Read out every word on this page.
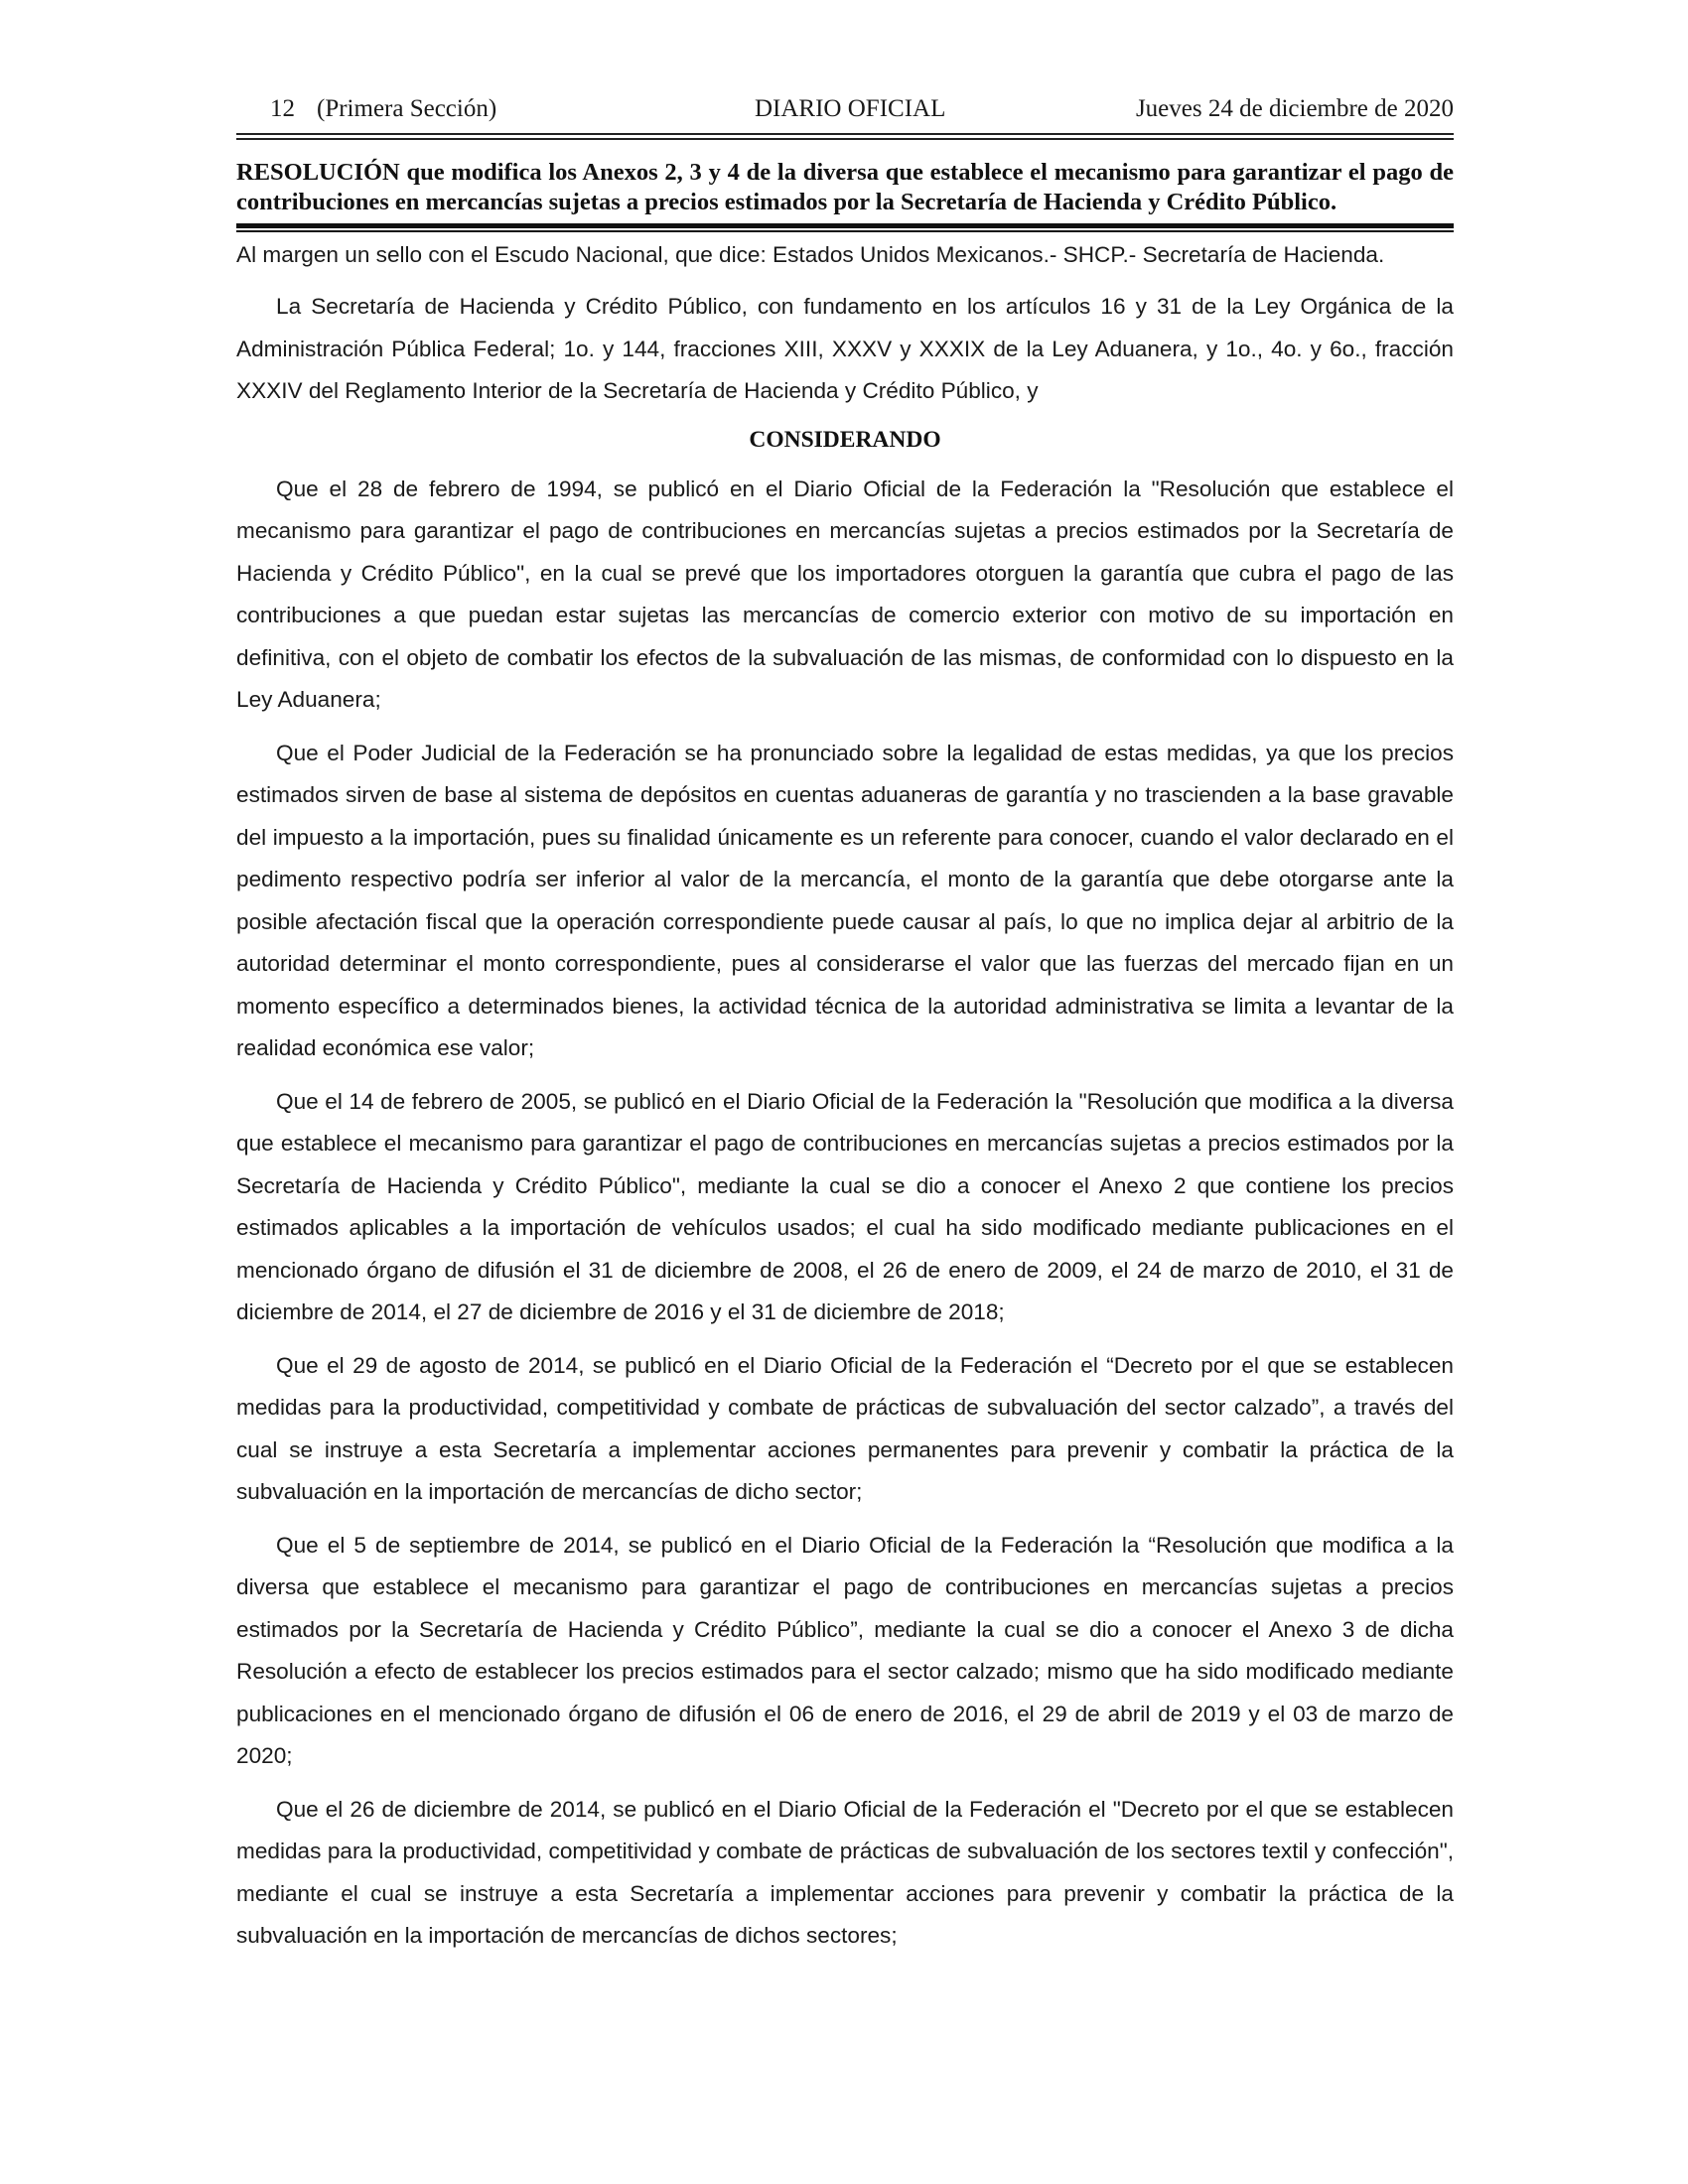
12 (Primera Sección)	DIARIO OFICIAL	Jueves 24 de diciembre de 2020
RESOLUCIÓN que modifica los Anexos 2, 3 y 4 de la diversa que establece el mecanismo para garantizar el pago de contribuciones en mercancías sujetas a precios estimados por la Secretaría de Hacienda y Crédito Público.
Al margen un sello con el Escudo Nacional, que dice: Estados Unidos Mexicanos.- SHCP.- Secretaría de Hacienda.

La Secretaría de Hacienda y Crédito Público, con fundamento en los artículos 16 y 31 de la Ley Orgánica de la Administración Pública Federal; 1o. y 144, fracciones XIII, XXXV y XXXIX de la Ley Aduanera, y 1o., 4o. y 6o., fracción XXXIV del Reglamento Interior de la Secretaría de Hacienda y Crédito Público, y

CONSIDERANDO

Que el 28 de febrero de 1994, se publicó en el Diario Oficial de la Federación la "Resolución que establece el mecanismo para garantizar el pago de contribuciones en mercancías sujetas a precios estimados por la Secretaría de Hacienda y Crédito Público", en la cual se prevé que los importadores otorguen la garantía que cubra el pago de las contribuciones a que puedan estar sujetas las mercancías de comercio exterior con motivo de su importación en definitiva, con el objeto de combatir los efectos de la subvaluación de las mismas, de conformidad con lo dispuesto en la Ley Aduanera;

Que el Poder Judicial de la Federación se ha pronunciado sobre la legalidad de estas medidas, ya que los precios estimados sirven de base al sistema de depósitos en cuentas aduaneras de garantía y no trascienden a la base gravable del impuesto a la importación, pues su finalidad únicamente es un referente para conocer, cuando el valor declarado en el pedimento respectivo podría ser inferior al valor de la mercancía, el monto de la garantía que debe otorgarse ante la posible afectación fiscal que la operación correspondiente puede causar al país, lo que no implica dejar al arbitrio de la autoridad determinar el monto correspondiente, pues al considerarse el valor que las fuerzas del mercado fijan en un momento específico a determinados bienes, la actividad técnica de la autoridad administrativa se limita a levantar de la realidad económica ese valor;

Que el 14 de febrero de 2005, se publicó en el Diario Oficial de la Federación la "Resolución que modifica a la diversa que establece el mecanismo para garantizar el pago de contribuciones en mercancías sujetas a precios estimados por la Secretaría de Hacienda y Crédito Público", mediante la cual se dio a conocer el Anexo 2 que contiene los precios estimados aplicables a la importación de vehículos usados; el cual ha sido modificado mediante publicaciones en el mencionado órgano de difusión el 31 de diciembre de 2008, el 26 de enero de 2009, el 24 de marzo de 2010, el 31 de diciembre de 2014, el 27 de diciembre de 2016 y el 31 de diciembre de 2018;

Que el 29 de agosto de 2014, se publicó en el Diario Oficial de la Federación el “Decreto por el que se establecen medidas para la productividad, competitividad y combate de prácticas de subvaluación del sector calzado”, a través del cual se instruye a esta Secretaría a implementar acciones permanentes para prevenir y combatir la práctica de la subvaluación en la importación de mercancías de dicho sector;

Que el 5 de septiembre de 2014, se publicó en el Diario Oficial de la Federación la “Resolución que modifica a la diversa que establece el mecanismo para garantizar el pago de contribuciones en mercancías sujetas a precios estimados por la Secretaría de Hacienda y Crédito Público”, mediante la cual se dio a conocer el Anexo 3 de dicha Resolución a efecto de establecer los precios estimados para el sector calzado; mismo que ha sido modificado mediante publicaciones en el mencionado órgano de difusión el 06 de enero de 2016, el 29 de abril de 2019 y el 03 de marzo de 2020;

Que el 26 de diciembre de 2014, se publicó en el Diario Oficial de la Federación el "Decreto por el que se establecen medidas para la productividad, competitividad y combate de prácticas de subvaluación de los sectores textil y confección", mediante el cual se instruye a esta Secretaría a implementar acciones para prevenir y combatir la práctica de la subvaluación en la importación de mercancías de dichos sectores;
